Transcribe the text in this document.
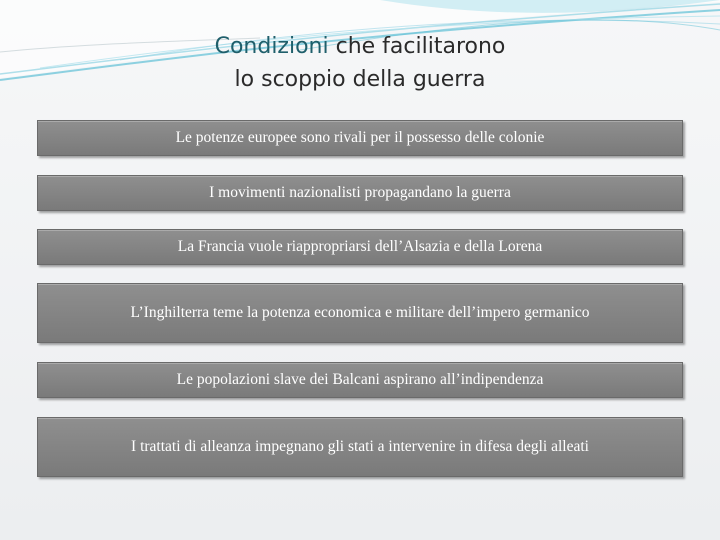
Condizioni che facilitarono
lo scoppio della guerra
Le potenze europee sono rivali per il possesso delle colonie
I movimenti nazionalisti propagandano la guerra
La Francia vuole riappropriarsi dell’Alsazia e della Lorena
L’Inghilterra teme la potenza economica e militare dell’impero germanico
Le popolazioni slave dei Balcani aspirano all’indipendenza
I trattati di alleanza impegnano gli stati a intervenire in difesa degli alleati
